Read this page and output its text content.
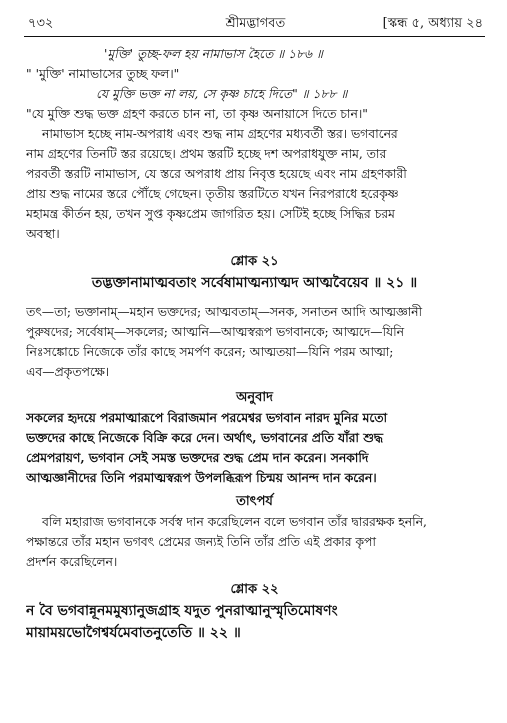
৭৩২	শ্রীমদ্ভাগবত	[স্কন্ধ ৫, অধ্যায় ২৪

'মুক্তি' তুচ্ছ-ফল হয় নামাভাস হৈতে ॥ ১৮৬ ॥

" 'মুক্তি' নামাভাসের তুচ্ছ ফল।"

যে মুক্তি ভক্ত না লয়, সে কৃষ্ণ চাহে দিতে" ॥ ১৮৮ ॥

"যে মুক্তি শুদ্ধ ভক্ত গ্রহণ করতে চান না, তা কৃষ্ণ অনায়াসে দিতে চান।"

নামাভাস হচ্ছে নাম-অপরাধ এবং শুদ্ধ নাম গ্রহণের মধ্যবর্তী স্তর। ভগবানের

নাম গ্রহণের তিনটি স্তর রয়েছে। প্রথম স্তরটি হচ্ছে দশ অপরাধযুক্ত নাম, তার

পরবর্তী স্তরটি নামাভাস, যে স্তরে অপরাধ প্রায় নিবৃত্ত হয়েছে এবং নাম গ্রহণকারী

প্রায় শুদ্ধ নামের স্তরে পৌঁছে গেছেন। তৃতীয় স্তরটিতে যখন নিরপরাধে হরেকৃষ্ণ

মহামন্ত্র কীর্তন হয়, তখন সুপ্ত কৃষ্ণপ্রেম জাগরিত হয়। সেটিই হচ্ছে সিদ্ধির চরম

অবস্থা।

শ্লোক ২১

তদ্ভক্তানামাত্মবতাং সর্বেষামাত্মন্যাত্মদ আত্মবৈয়েব ॥ ২১ ॥

তৎ—তা; ভক্তানাম্—মহান ভক্তদের; আত্মবতাম্—সনক, সনাতন আদি আত্মজ্ঞানী

পুরুষদের; সর্বেষাম্—সকলের; আত্মনি—আত্মস্বরূপ ভগবানকে; আত্মদে—যিনি

নিঃসঙ্কোচে নিজেকে তাঁর কাছে সমর্পণ করেন; আত্মতয়া—যিনি পরম আত্মা;

এব—প্রকৃতপক্ষে।

অনুবাদ

সকলের হৃদয়ে পরমাত্মারূপে বিরাজমান পরমেশ্বর ভগবান নারদ মুনির মতো

ভক্তদের কাছে নিজেকে বিক্রি করে দেন। অর্থাৎ, ভগবানের প্রতি যাঁরা শুদ্ধ

প্রেমপরায়ণ, ভগবান সেই সমস্ত ভক্তদের শুদ্ধ প্রেম দান করেন। সনকাদি

আত্মজ্ঞানীদের তিনি পরমাত্মস্বরূপ উপলব্ধিরূপ চিন্ময় আনন্দ দান করেন।

তাৎপর্য

বলি মহারাজ ভগবানকে সর্বস্ব দান করেছিলেন বলে ভগবান তাঁর দ্বাররক্ষক হননি,

পক্ষান্তরে তাঁর মহান ভগবৎ প্রেমের জন্যই তিনি তাঁর প্রতি এই প্রকার কৃপা

প্রদর্শন করেছিলেন।

শ্লোক ২২

ন বৈ ভগবান্নূনমমুষ্যানুজগ্রাহ যদুত পুনরাত্মানুস্মৃতিমোষণং

মায়াময়ভোগৈশ্বর্যমেবাতনুতেতি ॥ ২২ ॥
